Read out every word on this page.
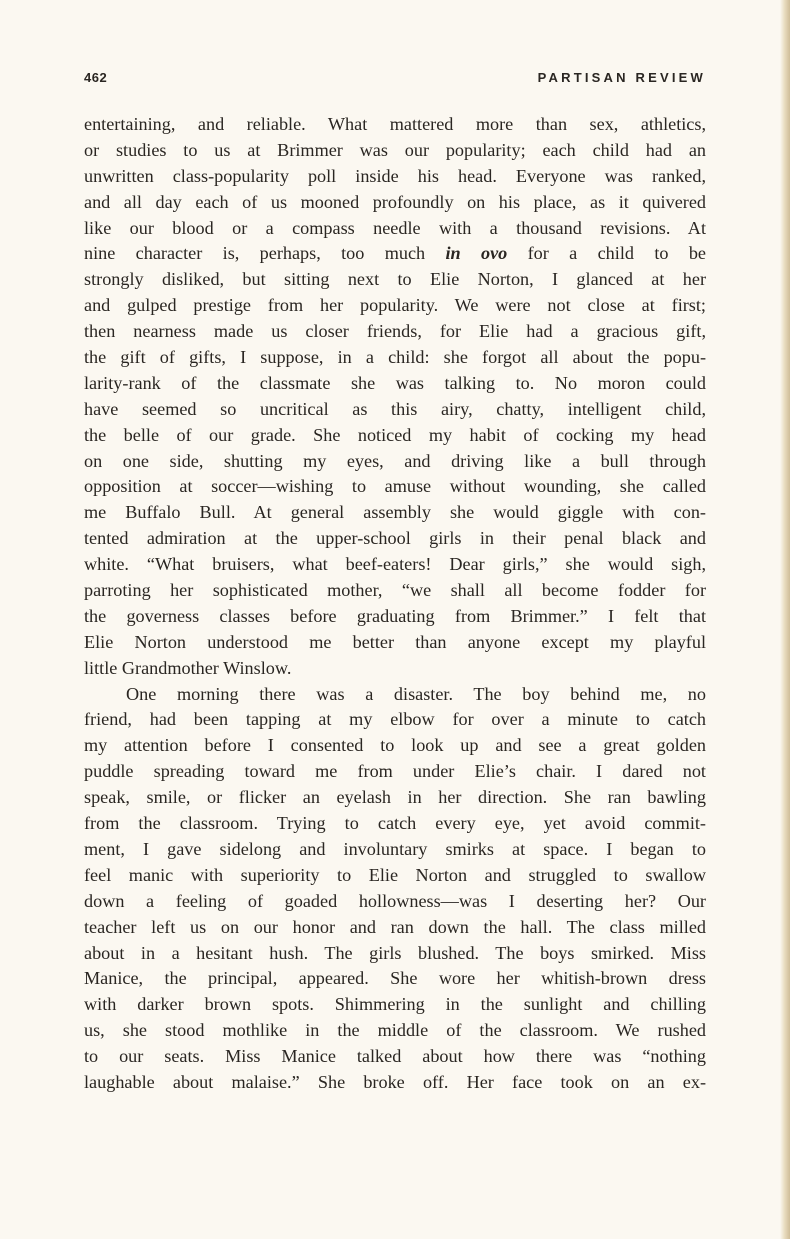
462	PARTISAN REVIEW
entertaining, and reliable. What mattered more than sex, athletics,
or studies to us at Brimmer was our popularity; each child had an
unwritten class-popularity poll inside his head. Everyone was ranked,
and all day each of us mooned profoundly on his place, as it quivered
like our blood or a compass needle with a thousand revisions. At
nine character is, perhaps, too much in ovo for a child to be
strongly disliked, but sitting next to Elie Norton, I glanced at her
and gulped prestige from her popularity. We were not close at first;
then nearness made us closer friends, for Elie had a gracious gift,
the gift of gifts, I suppose, in a child: she forgot all about the popu-
larity-rank of the classmate she was talking to. No moron could
have seemed so uncritical as this airy, chatty, intelligent child,
the belle of our grade. She noticed my habit of cocking my head
on one side, shutting my eyes, and driving like a bull through
opposition at soccer—wishing to amuse without wounding, she called
me Buffalo Bull. At general assembly she would giggle with con-
tented admiration at the upper-school girls in their penal black and
white. “What bruisers, what beef-eaters! Dear girls,” she would sigh,
parroting her sophisticated mother, “we shall all become fodder for
the governess classes before graduating from Brimmer.” I felt that
Elie Norton understood me better than anyone except my playful
little Grandmother Winslow.
One morning there was a disaster. The boy behind me, no
friend, had been tapping at my elbow for over a minute to catch
my attention before I consented to look up and see a great golden
puddle spreading toward me from under Elie’s chair. I dared not
speak, smile, or flicker an eyelash in her direction. She ran bawling
from the classroom. Trying to catch every eye, yet avoid commit-
ment, I gave sidelong and involuntary smirks at space. I began to
feel manic with superiority to Elie Norton and struggled to swallow
down a feeling of goaded hollowness—was I deserting her? Our
teacher left us on our honor and ran down the hall. The class milled
about in a hesitant hush. The girls blushed. The boys smirked. Miss
Manice, the principal, appeared. She wore her whitish-brown dress
with darker brown spots. Shimmering in the sunlight and chilling
us, she stood mothlike in the middle of the classroom. We rushed
to our seats. Miss Manice talked about how there was “nothing
laughable about malaise.” She broke off. Her face took on an ex-
